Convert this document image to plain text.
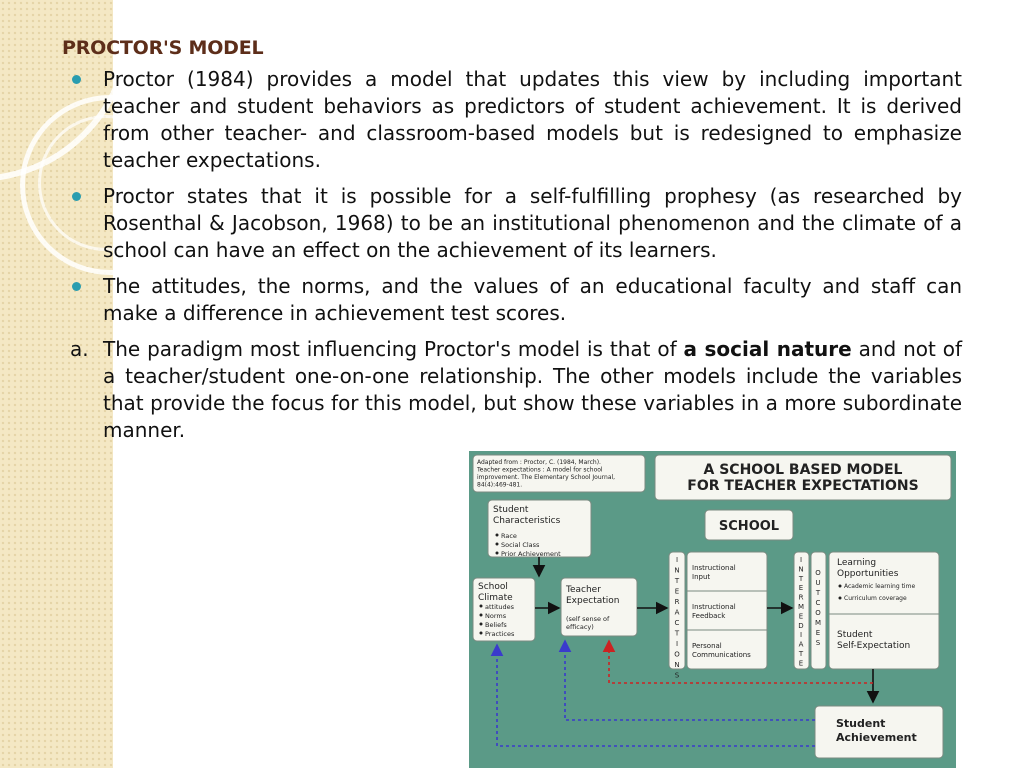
PROCTOR'S MODEL
Proctor (1984) provides a model that updates this view by including important teacher and student behaviors as predictors of student achievement. It is derived from other teacher- and classroom-based models but is redesigned to emphasize teacher expectations.
Proctor states that it is possible for a self-fulfilling prophesy (as researched by Rosenthal & Jacobson, 1968) to be an institutional phenomenon and the climate of a school can have an effect on the achievement of its learners.
The attitudes, the norms, and the values of an educational faculty and staff can make a difference in achievement test scores.
a. The paradigm most influencing Proctor's model is that of a social nature and not of a teacher/student one-on-one relationship. The other models include the variables that provide the focus for this model, but show these variables in a more subordinate manner.
Adapted from : Proctor, C. (1984, March).
Teacher expectations : A model for school
improvement. The Elementary School Journal,
84(4):469-481.
A SCHOOL BASED MODEL
FOR TEACHER EXPECTATIONS
SCHOOL
Student
Characteristics
Race
Social Class
Prior Achievement
School
Climate
attitudes
Norms
Beliefs
Practices
Teacher
Expectation
(self sense of
efficacy)
I
N
T
E
R
A
C
T
I
O
N
S
Instructional
Input
Instructional
Feedback
Personal
Communications
I
N
T
E
R
M
E
D
I
A
T
E
O
U
T
C
O
M
E
S
Learning
Opportunities
Academic learning time
Curriculum coverage
Student
Self-Expectation
Student
Achievement
